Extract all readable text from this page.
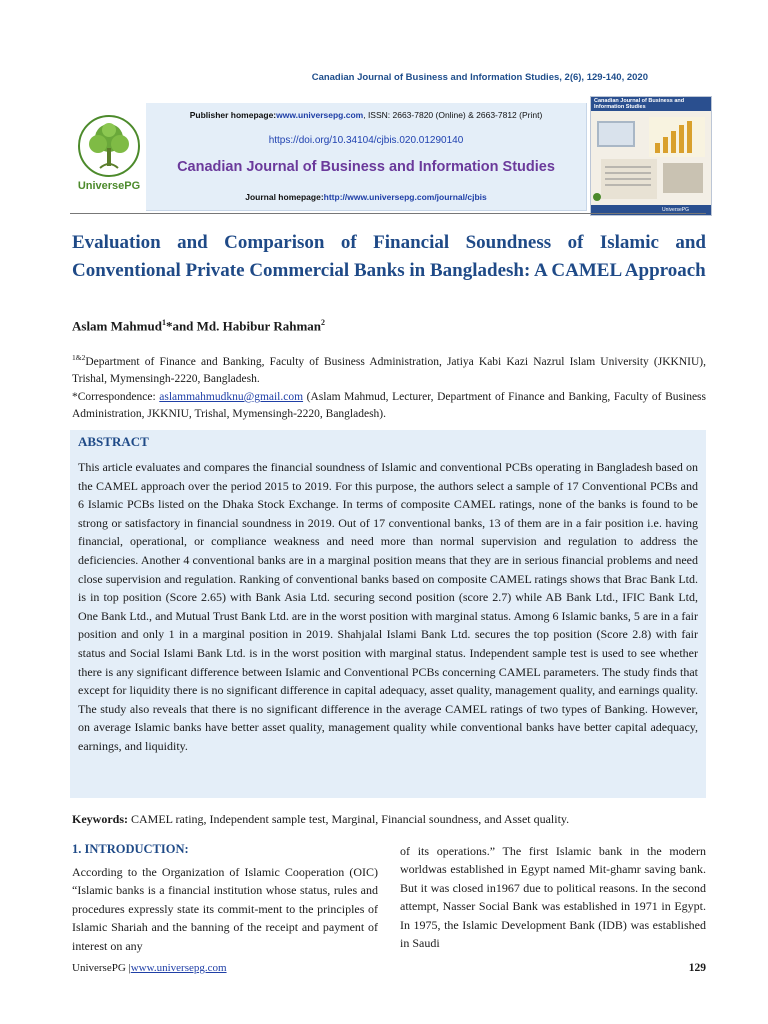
Canadian Journal of Business and Information Studies, 2(6), 129-140, 2020
UniversePG
Publisher homepage:www.universepg.com, ISSN: 2663-7820 (Online) & 2663-7812 (Print)
https://doi.org/10.34104/cjbis.020.01290140
Canadian Journal of Business and Information Studies
Journal homepage:http://www.universepg.com/journal/cjbis
Canadian Journal of Business and Information Studies
UniversePG
Evaluation and Comparison of Financial Soundness of Islamic and Conventional Private Commercial Banks in Bangladesh: A CAMEL Approach
Aslam Mahmud$^1$*and Md. Habibur Rahman$^2$
$^{1\&2}$Department of Finance and Banking, Faculty of Business Administration, Jatiya Kabi Kazi Nazrul Islam University (JKKNIU), Trishal, Mymensingh-2220, Bangladesh.
*Correspondence: aslammahmudknu@gmail.com (Aslam Mahmud, Lecturer, Department of Finance and Banking, Faculty of Business Administration, JKKNIU, Trishal, Mymensingh-2220, Bangladesh).
ABSTRACT
This article evaluates and compares the financial soundness of Islamic and conventional PCBs operating in Bangladesh based on the CAMEL approach over the period 2015 to 2019. For this purpose, the authors select a sample of 17 Conventional PCBs and 6 Islamic PCBs listed on the Dhaka Stock Exchange. In terms of composite CAMEL ratings, none of the banks is found to be strong or satisfactory in financial soundness in 2019. Out of 17 conventional banks, 13 of them are in a fair position i.e. having financial, operational, or compliance weakness and need more than normal supervision and regulation to address the deficiencies. Another 4 conventional banks are in a marginal position means that they are in serious financial problems and need close supervision and regulation. Ranking of conventional banks based on composite CAMEL ratings shows that Brac Bank Ltd. is in top position (Score 2.65) with Bank Asia Ltd. securing second position (score 2.7) while AB Bank Ltd., IFIC Bank Ltd, One Bank Ltd., and Mutual Trust Bank Ltd. are in the worst position with marginal status. Among 6 Islamic banks, 5 are in a fair position and only 1 in a marginal position in 2019. Shahjalal Islami Bank Ltd. secures the top position (Score 2.8) with fair status and Social Islami Bank Ltd. is in the worst position with marginal status. Independent sample test is used to see whether there is any significant difference between Islamic and Conventional PCBs concerning CAMEL parameters. The study finds that except for liquidity there is no significant difference in capital adequacy, asset quality, management quality, and earnings quality. The study also reveals that there is no significant difference in the average CAMEL ratings of two types of Banking. However, on average Islamic banks have better asset quality, management quality while conventional banks have better capital adequacy, earnings, and liquidity.
Keywords: CAMEL rating, Independent sample test, Marginal, Financial soundness, and Asset quality.
1. INTRODUCTION:
According to the Organization of Islamic Cooperation (OIC) “Islamic banks is a financial institution whose status, rules and procedures expressly state its commit-ment to the principles of Islamic Shariah and the banning of the receipt and payment of interest on any
of its operations.” The first Islamic bank in the modern worldwas established in Egypt named Mit-ghamr saving bank. But it was closed in1967 due to political reasons. In the second attempt, Nasser Social Bank was established in 1971 in Egypt. In 1975, the Islamic Development Bank (IDB) was established in Saudi
UniversePG |www.universepg.com	129
